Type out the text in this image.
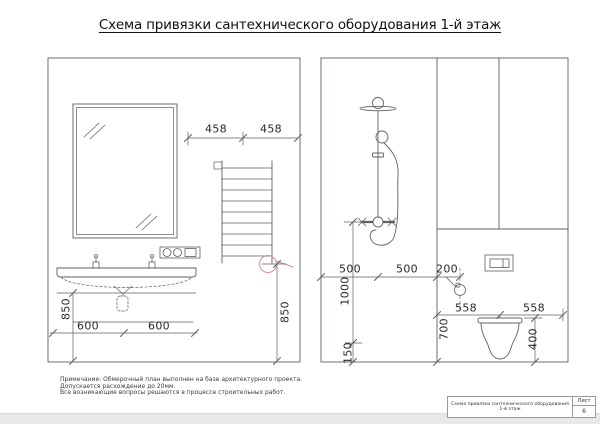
Схема привязки сантехнического оборудования 1-й этаж
458	458
850
600	600
850
500	500 200
1000
150
700
558	558
400
Примечание: Обмерочный план выполнен на базе архитектурного проекта.
Допускается расхождение до 20мм.
Все возникающие вопросы решаются в процессе строительных работ.
Схема привязки сантехнического оборудования 1-й этаж
Лист
6
